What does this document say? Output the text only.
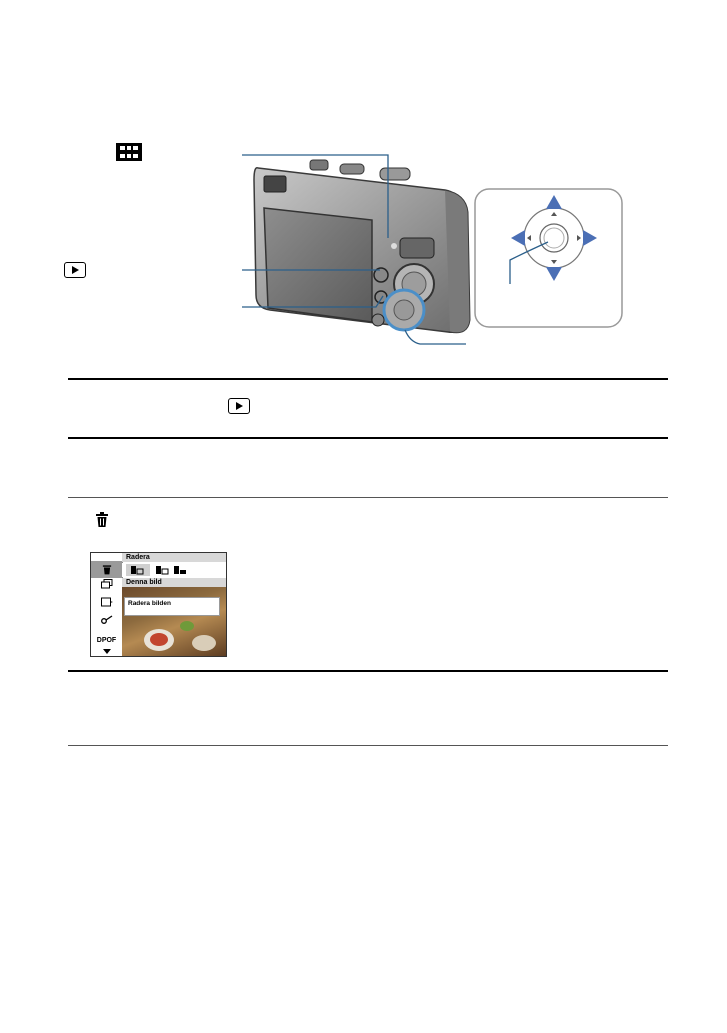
DPOF
Radera
Denna bild
Radera bilden
